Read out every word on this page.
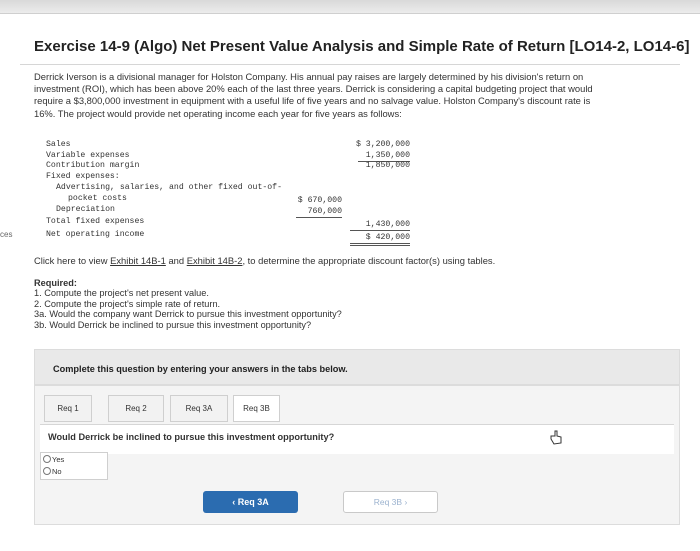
Exercise 14-9 (Algo) Net Present Value Analysis and Simple Rate of Return [LO14-2, LO14-6]
Derrick Iverson is a divisional manager for Holston Company. His annual pay raises are largely determined by his division's return on
investment (ROI), which has been above 20% each of the last three years. Derrick is considering a capital budgeting project that would
require a $3,800,000 investment in equipment with a useful life of five years and no salvage value. Holston Company's discount rate is
16%. The project would provide net operating income each year for five years as follows:
ces
Sales	$ 3,200,000
Variable expenses	1,350,000
Contribution margin	1,850,000
Fixed expenses:
Advertising, salaries, and other fixed out-of-
pocket costs	$ 670,000
Depreciation	760,000
Total fixed expenses	1,430,000
Net operating income	$ 420,000
Click here to view Exhibit 14B-1 and Exhibit 14B-2, to determine the appropriate discount factor(s) using tables.
Required:
1. Compute the project's net present value.
2. Compute the project's simple rate of return.
3a. Would the company want Derrick to pursue this investment opportunity?
3b. Would Derrick be inclined to pursue this investment opportunity?
Complete this question by entering your answers in the tabs below.
Req 1	Req 2	Req 3A	Req 3B
Would Derrick be inclined to pursue this investment opportunity?
Yes
No
‹ Req 3A	Req 3B ›
